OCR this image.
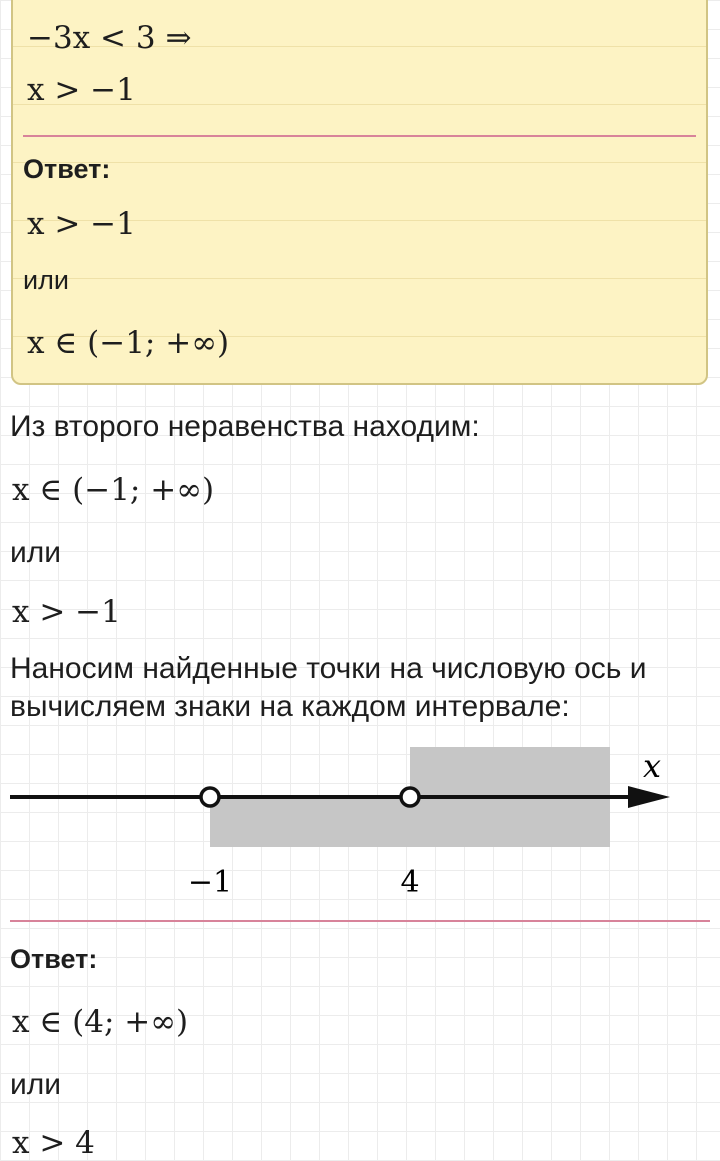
−3x < 3 ⇒
x > −1
Ответ:
x > −1
или
x ∈ (−1; +∞)
Из второго неравенства находим:
x ∈ (−1; +∞)
или
x > −1
Наносим найденные точки на числовую ось и
вычисляем знаки на каждом интервале:
x
−1	4
Ответ:
x ∈ (4; +∞)
или
x > 4
